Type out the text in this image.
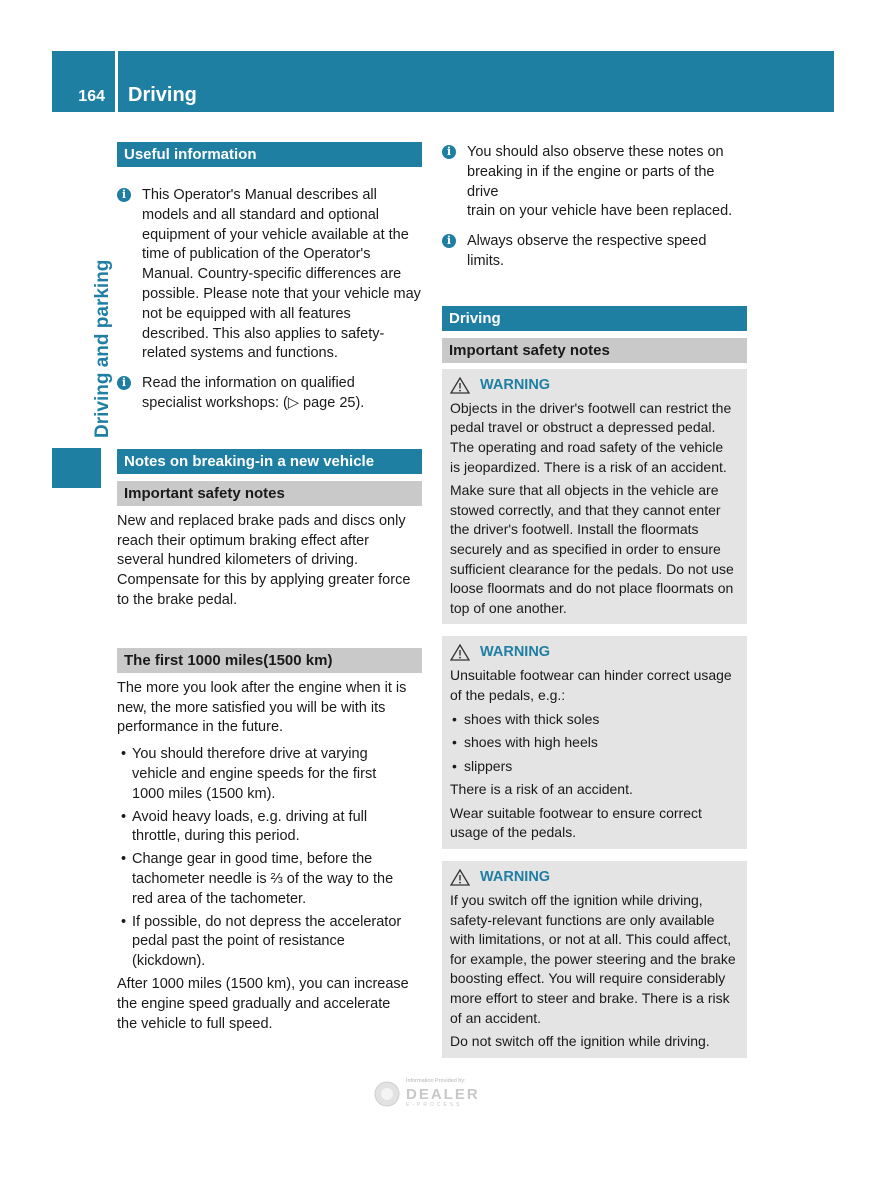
164 Driving
Driving and parking
Useful information
i	This Operator's Manual describes all
models and all standard and optional
equipment of your vehicle available at the
time of publication of the Operator's
Manual. Country-specific differences are
possible. Please note that your vehicle may
not be equipped with all features
described. This also applies to safety-
related systems and functions.
i	Read the information on qualified
specialist workshops: (▷ page 25).
Notes on breaking-in a new vehicle
Important safety notes

New and replaced brake pads and discs only
reach their optimum braking effect after
several hundred kilometers of driving.
Compensate for this by applying greater force
to the brake pedal.

The first 1000 miles(1500 km)

The more you look after the engine when it is
new, the more satisfied you will be with its
performance in the future.

• You should therefore drive at varying
vehicle and engine speeds for the first
1000 miles (1500 km).
• Avoid heavy loads, e.g. driving at full
throttle, during this period.
• Change gear in good time, before the
tachometer needle is ⅔ of the way to the
red area of the tachometer.
• If possible, do not depress the accelerator
pedal past the point of resistance
(kickdown).

After 1000 miles (1500 km), you can increase
the engine speed gradually and accelerate
the vehicle to full speed.

i	You should also observe these notes on
breaking in if the engine or parts of the drive
train on your vehicle have been replaced.
i	Always observe the respective speed
limits.
Driving
Important safety notes
WARNING

Objects in the driver's footwell can restrict the
pedal travel or obstruct a depressed pedal.
The operating and road safety of the vehicle
is jeopardized. There is a risk of an accident.

Make sure that all objects in the vehicle are
stowed correctly, and that they cannot enter
the driver's footwell. Install the floormats
securely and as specified in order to ensure
sufficient clearance for the pedals. Do not use
loose floormats and do not place floormats on
top of one another.

WARNING

Unsuitable footwear can hinder correct usage
of the pedals, e.g.:

• shoes with thick soles
• shoes with high heels
• slippers

There is a risk of an accident.

Wear suitable footwear to ensure correct
usage of the pedals.

WARNING

If you switch off the ignition while driving,
safety-relevant functions are only available
with limitations, or not at all. This could affect,
for example, the power steering and the brake
boosting effect. You will require considerably
more effort to steer and brake. There is a risk
of an accident.

Do not switch off the ignition while driving.

Information Provided by:
DEALER
E-PROCESS
